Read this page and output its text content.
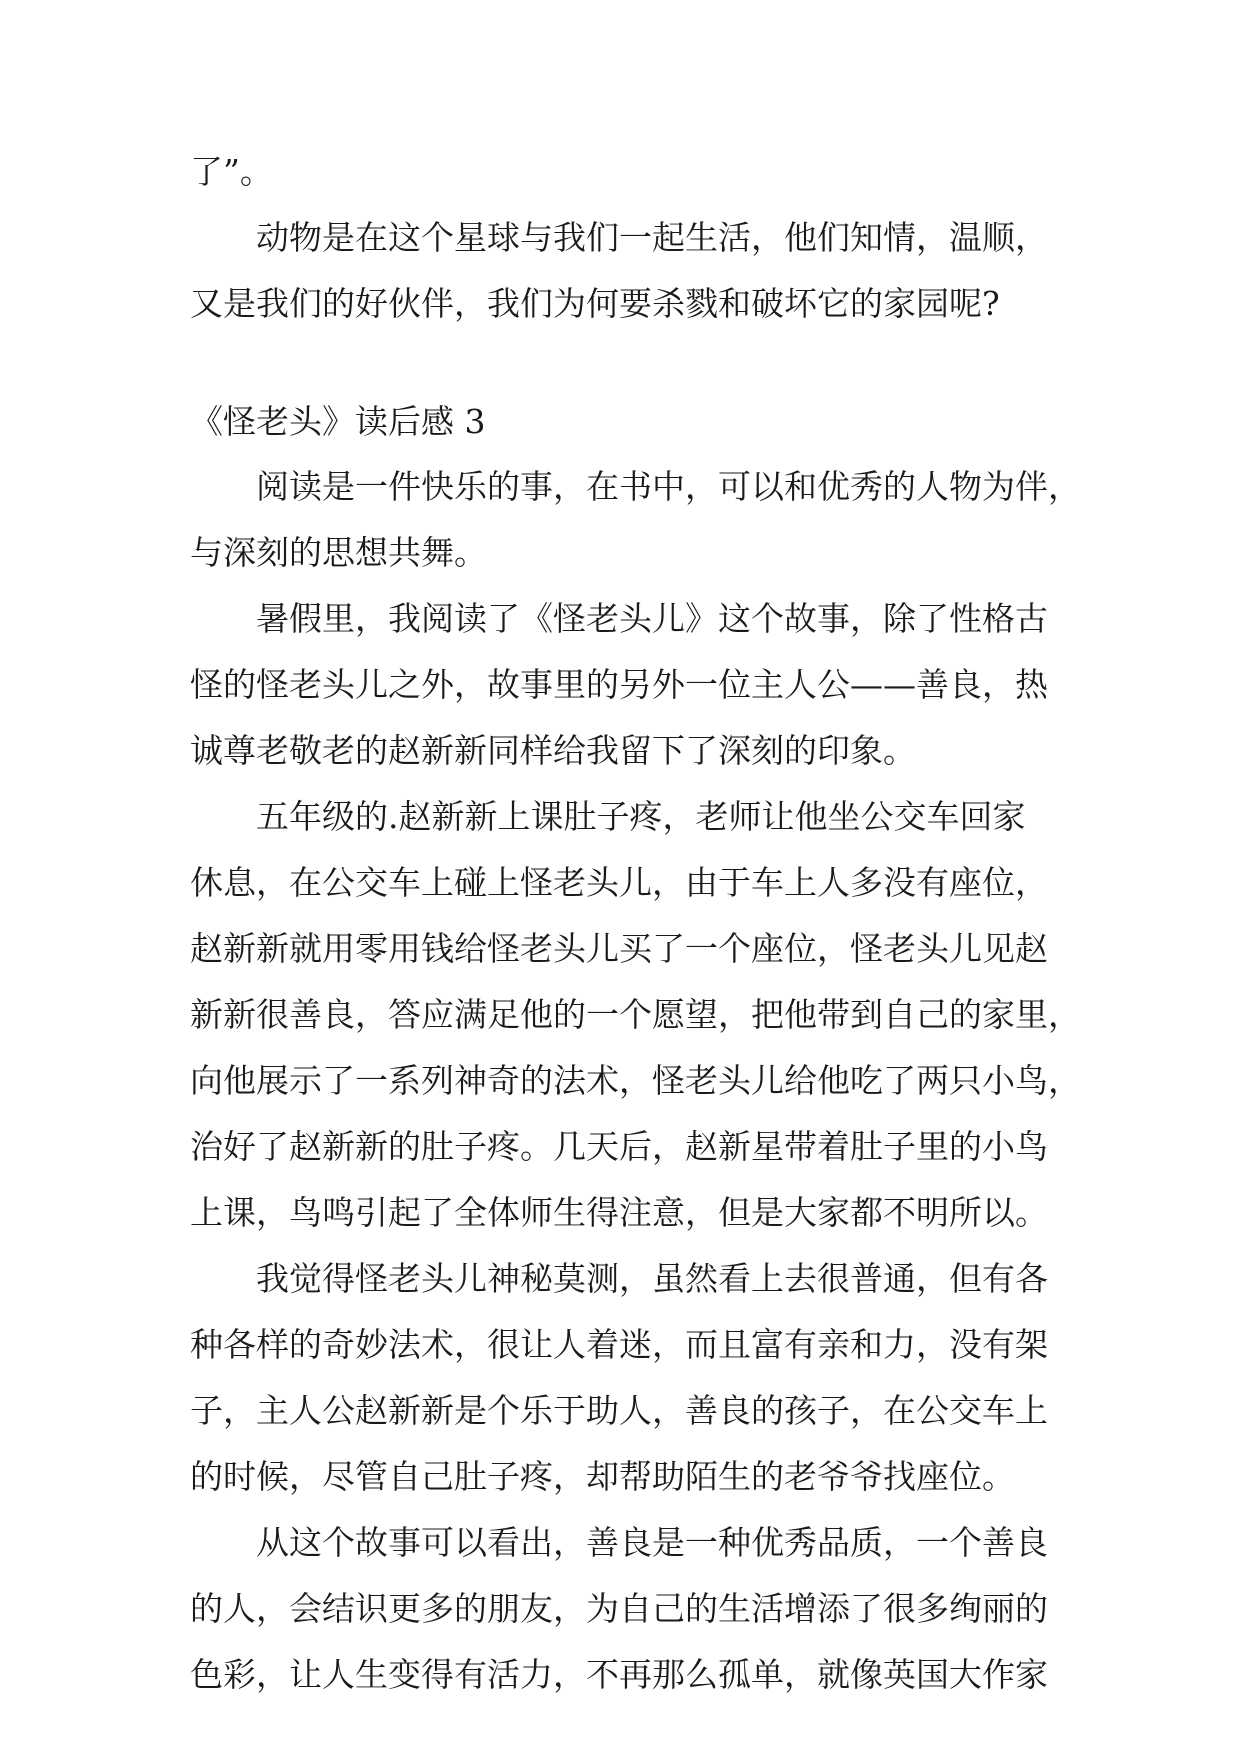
了”。
动物是在这个星球与我们一起生活，他们知情，温顺，
又是我们的好伙伴，我们为何要杀戮和破坏它的家园呢?
《怪老头》读后感 3
阅读是一件快乐的事，在书中，可以和优秀的人物为伴，
与深刻的思想共舞。
暑假里，我阅读了《怪老头儿》这个故事，除了性格古
怪的怪老头儿之外，故事里的另外一位主人公——善良，热
诚尊老敬老的赵新新同样给我留下了深刻的印象。
五年级的.赵新新上课肚子疼，老师让他坐公交车回家
休息，在公交车上碰上怪老头儿，由于车上人多没有座位，
赵新新就用零用钱给怪老头儿买了一个座位，怪老头儿见赵
新新很善良，答应满足他的一个愿望，把他带到自己的家里，
向他展示了一系列神奇的法术，怪老头儿给他吃了两只小鸟，
治好了赵新新的肚子疼。几天后，赵新星带着肚子里的小鸟
上课，鸟鸣引起了全体师生得注意，但是大家都不明所以。
我觉得怪老头儿神秘莫测，虽然看上去很普通，但有各
种各样的奇妙法术，很让人着迷，而且富有亲和力，没有架
子，主人公赵新新是个乐于助人，善良的孩子，在公交车上
的时候，尽管自己肚子疼，却帮助陌生的老爷爷找座位。
从这个故事可以看出，善良是一种优秀品质，一个善良
的人，会结识更多的朋友，为自己的生活增添了很多绚丽的
色彩，让人生变得有活力，不再那么孤单，就像英国大作家
